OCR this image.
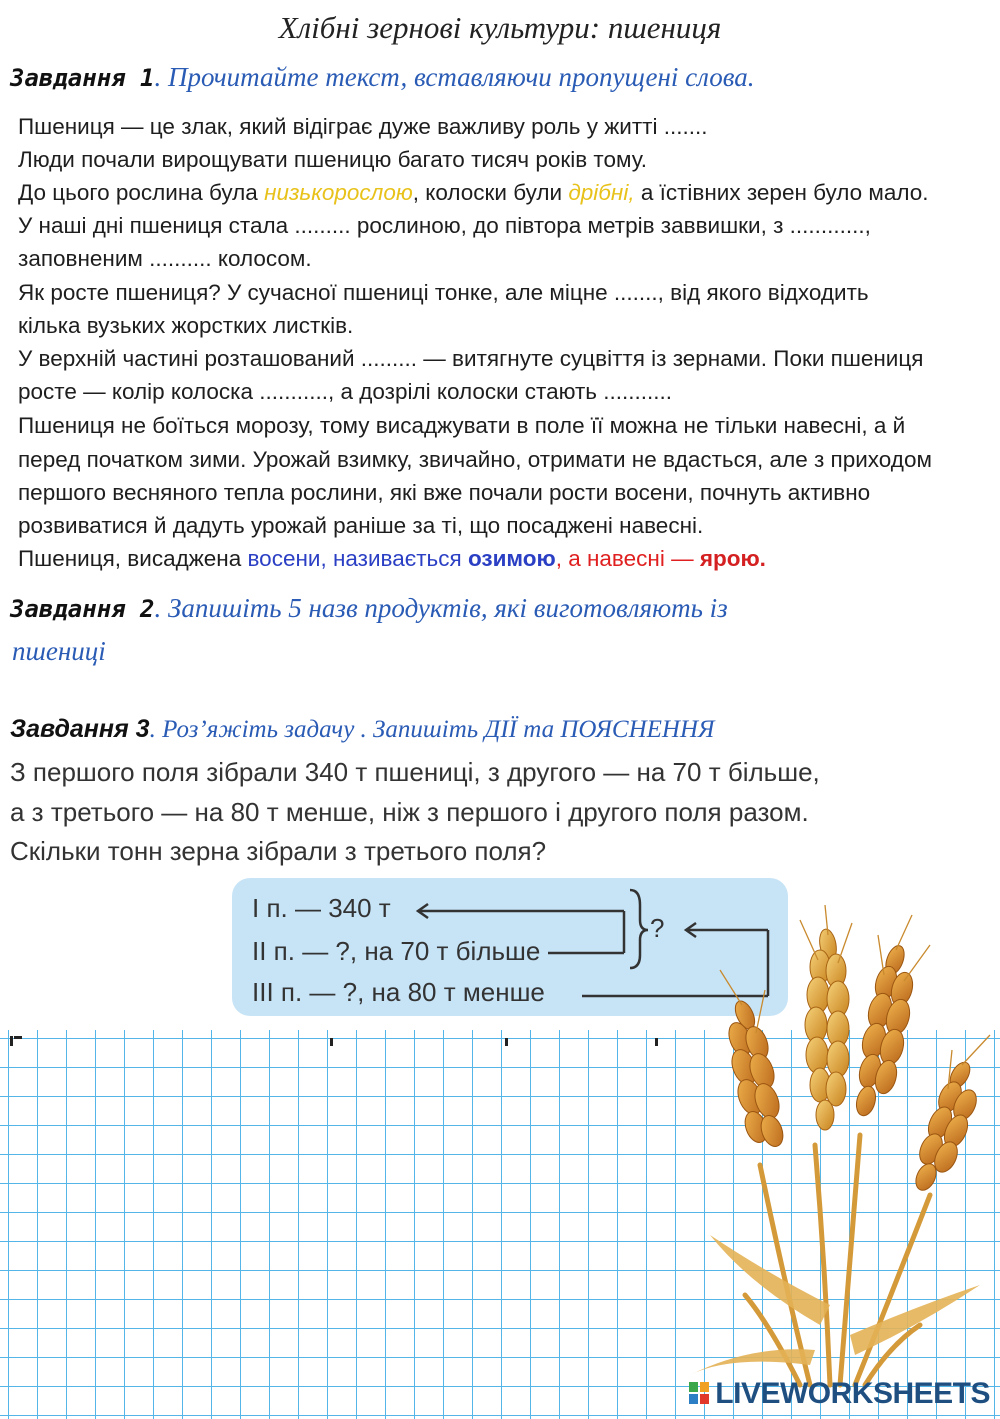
Хлібні зернові культури: пшениця
Завдання 1. Прочитайте текст, вставляючи пропущені слова.
Пшениця — це злак, який відіграє дуже важливу роль у житті .......
Люди почали вирощувати пшеницю багато тисяч років тому.
До цього рослина була низькорослою, колоски були дрібні, а їстівних зерен було мало.
У наші дні пшениця стала ......... рослиною, до півтора метрів заввишки, з ............,
заповненим .......... колосом.
Як росте пшениця? У сучасної пшениці тонке, але міцне ......., від якого відходить
кілька вузьких жорстких листків.
У верхній частині розташований ......... — витягнуте суцвіття із зернами. Поки пшениця
росте — колір колоска ..........., а дозрілі колоски стають ...........
Пшениця не боїться морозу, тому висаджувати в поле її можна не тільки навесні, а й
перед початком зими. Урожай взимку, звичайно, отримати не вдасться, але з приходом
першого весняного тепла рослини, які вже почали рости восени, почнуть активно
розвиватися й дадуть урожай раніше за ті, що посаджені навесні.
Пшениця, висаджена восени, називається озимою, а навесні — ярою.
Завдання 2. Запишіть 5 назв продуктів, які виготовляють із
пшениці
Завдання 3. Роз’яжіть задачу . Запишіть ДІЇ та ПОЯСНЕННЯ
З першого поля зібрали 340 т пшениці, з другого — на 70 т більше,
а з третього — на 80 т менше, ніж з першого і другого поля разом.
Скільки тонн зерна зібрали з третього поля?
І п. — 340 т
ІІ п. — ?, на 70 т більше
ІІІ п. — ?, на 80 т менше
?
LIVEWORKSHEETS
